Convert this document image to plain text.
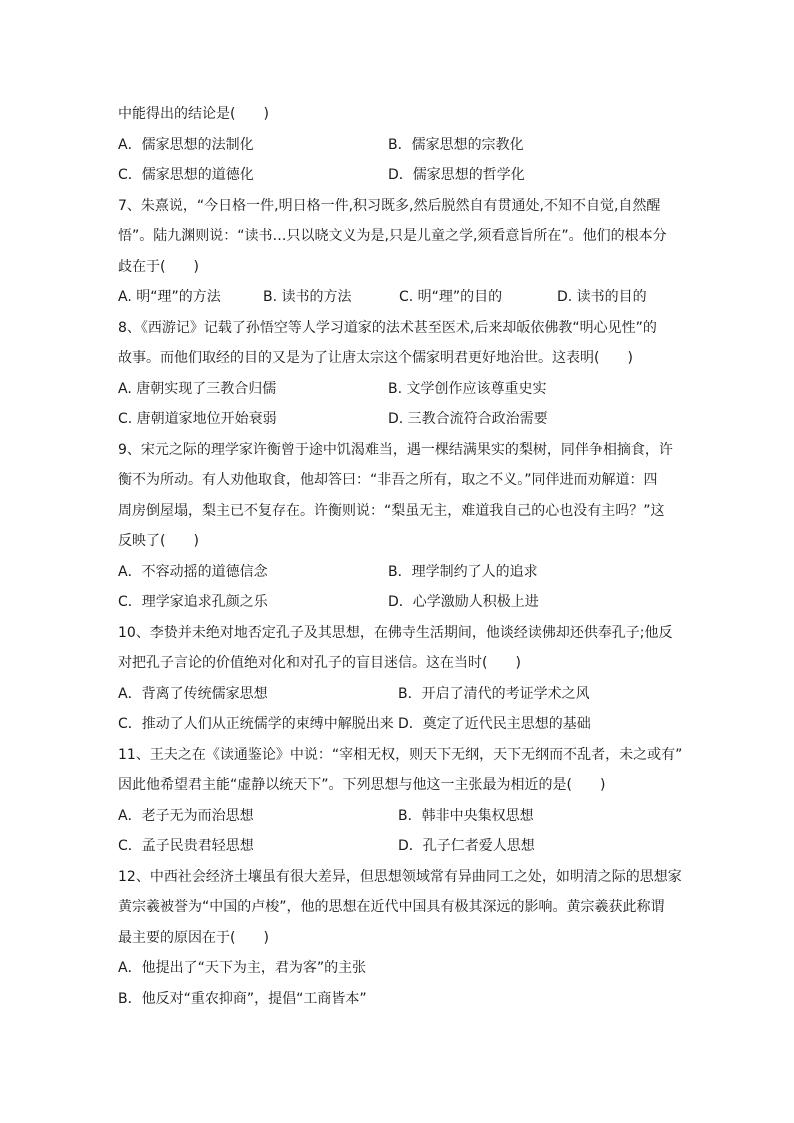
中能得出的结论是(　　)

A．儒家思想的法制化	B．儒家思想的宗教化
C．儒家思想的道德化	D．儒家思想的哲学化

7、朱熹说，“今日格一件,明日格一件,积习既多,然后脱然自有贯通处,不知不自觉,自然醒

悟”。陆九渊则说：“读书…只以晓文义为是,只是儿童之学,须看意旨所在”。他们的根本分

歧在于(　　)

A. 明“理”的方法	B. 读书的方法	C. 明“理”的目的	D. 读书的目的

8、《西游记》记载了孙悟空等人学习道家的法术甚至医术,后来却皈依佛教“明心见性”的

故事。而他们取经的目的又是为了让唐太宗这个儒家明君更好地治世。这表明(　　)

A. 唐朝实现了三教合归儒	B. 文学创作应该尊重史实
C. 唐朝道家地位开始衰弱	D. 三教合流符合政治需要

9、宋元之际的理学家许衡曾于途中饥渴难当，遇一棵结满果实的梨树，同伴争相摘食，许

衡不为所动。有人劝他取食，他却答曰：“非吾之所有，取之不义。”同伴进而劝解道：四

周房倒屋塌，梨主已不复存在。许衡则说：“梨虽无主，难道我自己的心也没有主吗？”这

反映了(　　)

A．不容动摇的道德信念	B．理学制约了人的追求
C．理学家追求孔颜之乐	D．心学激励人积极上进

10、李贽并未绝对地否定孔子及其思想，在佛寺生活期间，他谈经读佛却还供奉孔子;他反

对把孔子言论的价值绝对化和对孔子的盲目迷信。这在当时(　　)

A．背离了传统儒家思想	B．开启了清代的考证学术之风
C．推动了人们从正统儒学的束缚中解脱出来 D．奠定了近代民主思想的基础

11、王夫之在《读通鉴论》中说：“宰相无权，则天下无纲，天下无纲而不乱者，未之或有”

因此他希望君主能“虚静以统天下”。下列思想与他这一主张最为相近的是(　　)

A．老子无为而治思想	B．韩非中央集权思想
C．孟子民贵君轻思想	D．孔子仁者爱人思想

12、中西社会经济土壤虽有很大差异，但思想领域常有异曲同工之处，如明清之际的思想家

黄宗羲被誉为“中国的卢梭”，他的思想在近代中国具有极其深远的影响。黄宗羲获此称谓

最主要的原因在于(　　)

A．他提出了“天下为主，君为客”的主张

B．他反对“重农抑商”，提倡“工商皆本”
